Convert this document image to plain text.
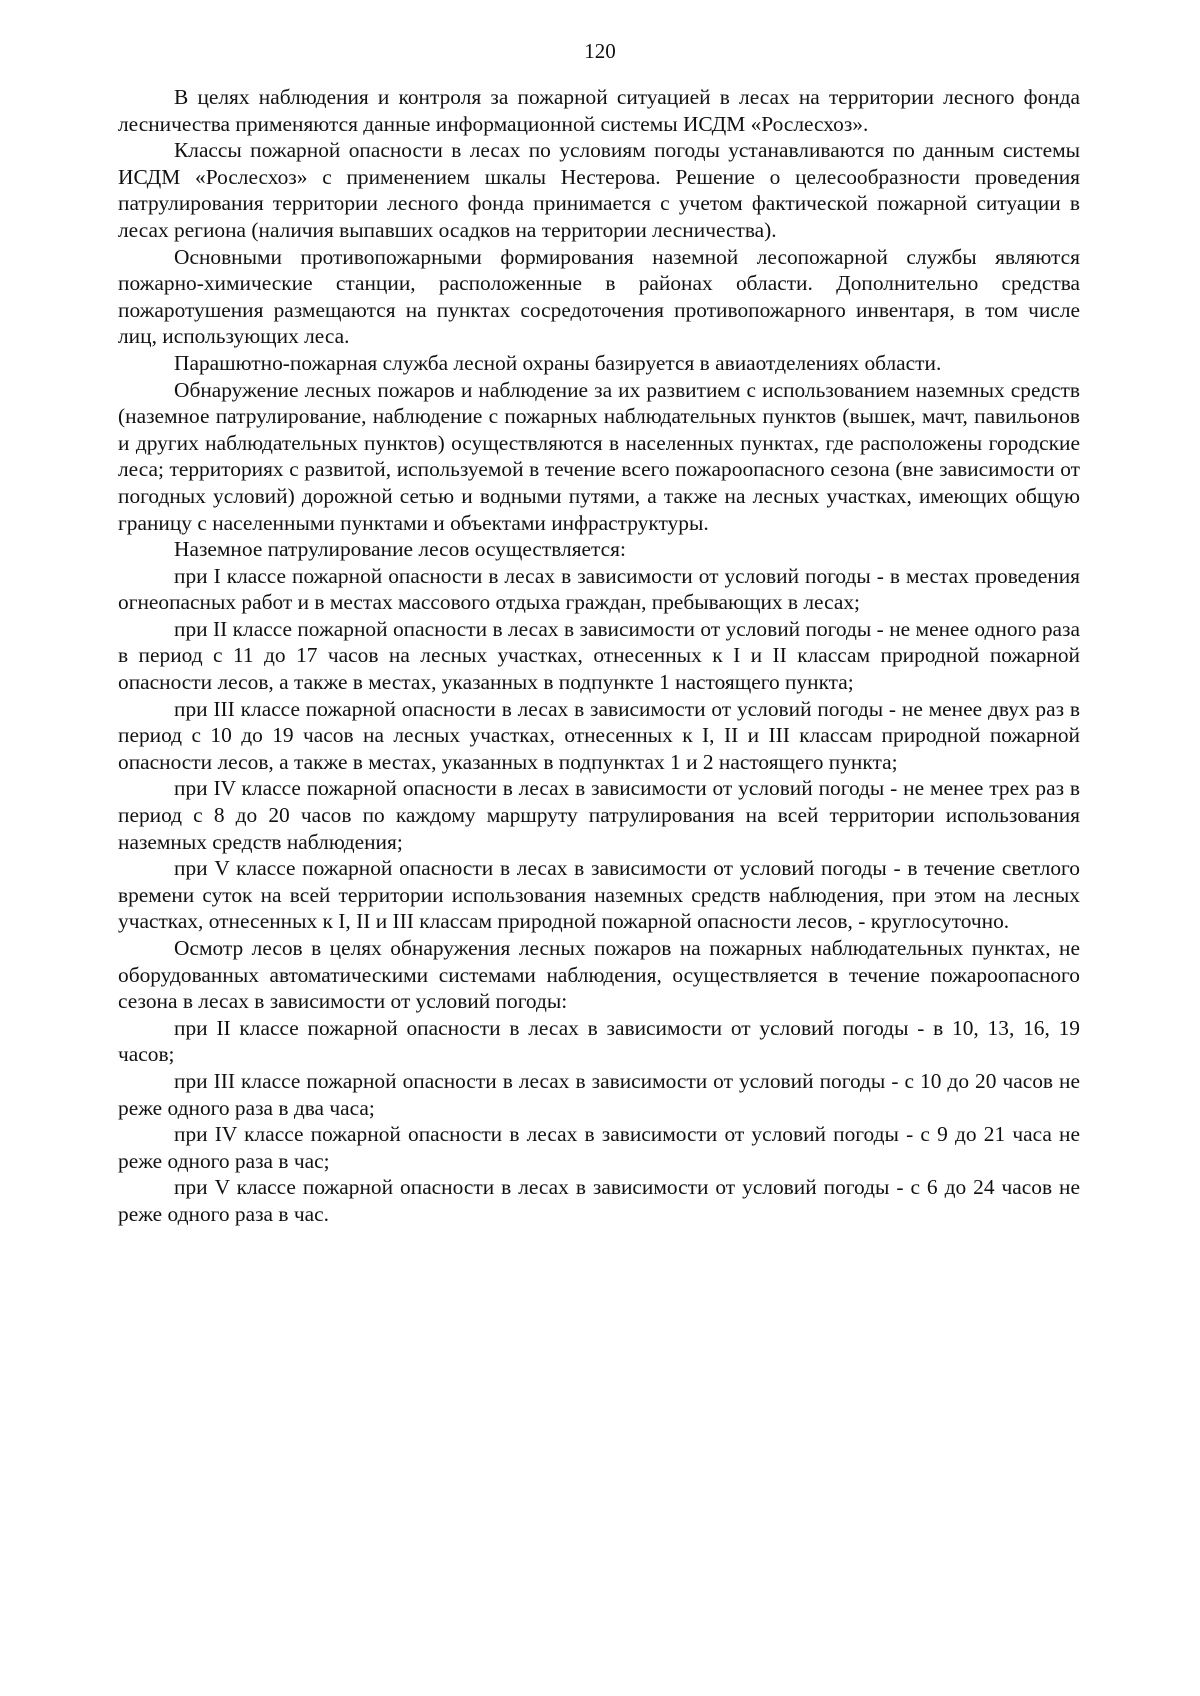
120

В целях наблюдения и контроля за пожарной ситуацией в лесах на территории лесного фонда лесничества применяются данные информационной системы ИСДМ «Рослесхоз».

Классы пожарной опасности в лесах по условиям погоды устанавливаются по данным системы ИСДМ «Рослесхоз» с применением шкалы Нестерова. Решение о целесообразности проведения патрулирования территории лесного фонда принимается с учетом фактической пожарной ситуации в лесах региона (наличия выпавших осадков на территории лесничества).

Основными противопожарными формирования наземной лесопожарной службы являются пожарно-химические станции, расположенные в районах области. Дополнительно средства пожаротушения размещаются на пунктах сосредоточения противопожарного инвентаря, в том числе лиц, использующих леса.

Парашютно-пожарная служба лесной охраны базируется в авиаотделениях области.

Обнаружение лесных пожаров и наблюдение за их развитием с использованием наземных средств (наземное патрулирование, наблюдение с пожарных наблюдательных пунктов (вышек, мачт, павильонов и других наблюдательных пунктов) осуществляются в населенных пунктах, где расположены городские леса; территориях с развитой, используемой в течение всего пожароопасного сезона (вне зависимости от погодных условий) дорожной сетью и водными путями, а также на лесных участках, имеющих общую границу с населенными пунктами и объектами инфраструктуры.

Наземное патрулирование лесов осуществляется:

при I классе пожарной опасности в лесах в зависимости от условий погоды - в местах проведения огнеопасных работ и в местах массового отдыха граждан, пребывающих в лесах;

при II классе пожарной опасности в лесах в зависимости от условий погоды - не менее одного раза в период с 11 до 17 часов на лесных участках, отнесенных к I и II классам природной пожарной опасности лесов, а также в местах, указанных в подпункте 1 настоящего пункта;

при III классе пожарной опасности в лесах в зависимости от условий погоды - не менее двух раз в период с 10 до 19 часов на лесных участках, отнесенных к I, II и III классам природной пожарной опасности лесов, а также в местах, указанных в подпунктах 1 и 2 настоящего пункта;

при IV классе пожарной опасности в лесах в зависимости от условий погоды - не менее трех раз в период с 8 до 20 часов по каждому маршруту патрулирования на всей территории использования наземных средств наблюдения;

при V классе пожарной опасности в лесах в зависимости от условий погоды - в течение светлого времени суток на всей территории использования наземных средств наблюдения, при этом на лесных участках, отнесенных к I, II и III классам природной пожарной опасности лесов, - круглосуточно.

Осмотр лесов в целях обнаружения лесных пожаров на пожарных наблюдательных пунктах, не оборудованных автоматическими системами наблюдения, осуществляется в течение пожароопасного сезона в лесах в зависимости от условий погоды:

при II классе пожарной опасности в лесах в зависимости от условий погоды - в 10, 13, 16, 19 часов;

при III классе пожарной опасности в лесах в зависимости от условий погоды - с 10 до 20 часов не реже одного раза в два часа;

при IV классе пожарной опасности в лесах в зависимости от условий погоды - с 9 до 21 часа не реже одного раза в час;

при V классе пожарной опасности в лесах в зависимости от условий погоды - с 6 до 24 часов не реже одного раза в час.
